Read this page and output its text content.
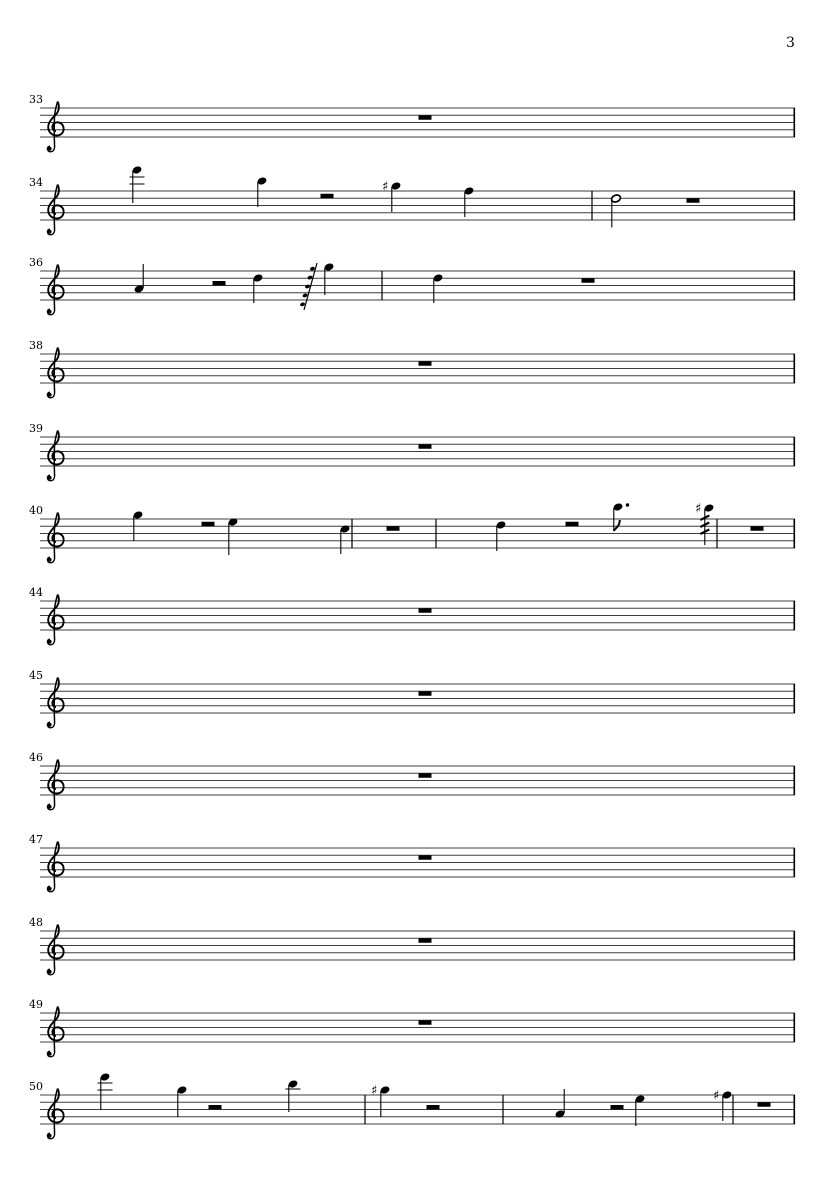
33
34	♯
36
38
39
40	♯
44
45
46
47
48
49
50	♯	♯
3
